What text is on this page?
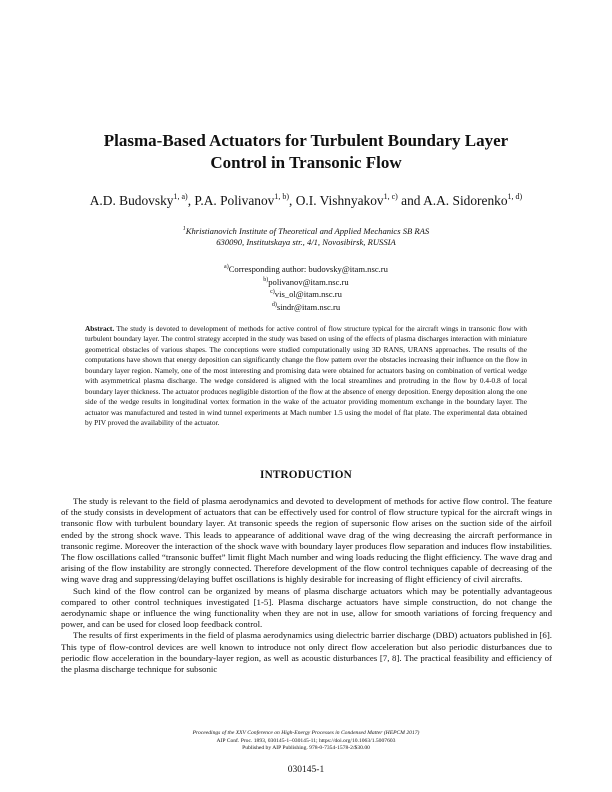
Plasma-Based Actuators for Turbulent Boundary Layer
Control in Transonic Flow
A.D. Budovsky$^{1, a)}$, P.A. Polivanov$^{1, b)}$, O.I. Vishnyakov$^{1, c)}$ and A.A. Sidorenko$^{1, d)}$
$^1$Khristianovich Institute of Theoretical and Applied Mechanics SB RAS
630090, Institutskaya str., 4/1, Novosibirsk, RUSSIA
$^{a)}$Corresponding author: budovsky@itam.nsc.ru
$^{b)}$polivanov@itam.nsc.ru
$^{c)}$vis_ol@itam.nsc.ru
$^{d)}$sindr@itam.nsc.ru
Abstract. The study is devoted to development of methods for active control of flow structure typical for the aircraft wings in transonic flow with turbulent boundary layer. The control strategy accepted in the study was based on using of the effects of plasma discharges interaction with miniature geometrical obstacles of various shapes. The conceptions were studied computationally using 3D RANS, URANS approaches. The results of the computations have shown that energy deposition can significantly change the flow pattern over the obstacles increasing their influence on the flow in boundary layer region. Namely, one of the most interesting and promising data were obtained for actuators basing on combination of vertical wedge with asymmetrical plasma discharge. The wedge considered is aligned with the local streamlines and protruding in the flow by 0.4-0.8 of local boundary layer thickness. The actuator produces negligible distortion of the flow at the absence of energy deposition. Energy deposition along the one side of the wedge results in longitudinal vortex formation in the wake of the actuator providing momentum exchange in the boundary layer. The actuator was manufactured and tested in wind tunnel experiments at Mach number 1.5 using the model of flat plate. The experimental data obtained by PIV proved the availability of the actuator.
INTRODUCTION

The study is relevant to the field of plasma aerodynamics and devoted to development of methods for active flow control. The feature of the study consists in development of actuators that can be effectively used for control of flow structure typical for the aircraft wings in transonic flow with turbulent boundary layer. At transonic speeds the region of supersonic flow arises on the suction side of the airfoil ended by the strong shock wave. This leads to appearance of additional wave drag of the wing decreasing the aircraft performance in transonic regime. Moreover the interaction of the shock wave with boundary layer produces flow separation and induces flow instabilities. The flow oscillations called “transonic buffet” limit flight Mach number and wing loads reducing the flight efficiency. The wave drag and arising of the flow instability are strongly connected. Therefore development of the flow control techniques capable of decreasing of the wing wave drag and suppressing/delaying buffet oscillations is highly desirable for increasing of flight efficiency of civil aircrafts.

Such kind of the flow control can be organized by means of plasma discharge actuators which may be potentially advantageous compared to other control techniques investigated [1-5]. Plasma discharge actuators have simple construction, do not change the aerodynamic shape or influence the wing functionality when they are not in use, allow for smooth variations of forcing frequency and power, and can be used for closed loop feedback control.

The results of first experiments in the field of plasma aerodynamics using dielectric barrier discharge (DBD) actuators published in [6]. This type of flow-control devices are well known to introduce not only direct flow acceleration but also periodic disturbances due to periodic flow acceleration in the boundary-layer region, as well as acoustic disturbances [7, 8]. The practical feasibility and efficiency of the plasma discharge technique for subsonic

Proceedings of the XXV Conference on High-Energy Processes in Condensed Matter (HEPCM 2017)
AIP Conf. Proc. 1893, 030145-1–030145-11; https://doi.org/10.1063/1.5007603
Published by AIP Publishing. 978-0-7354-1578-2/$30.00
030145-1
